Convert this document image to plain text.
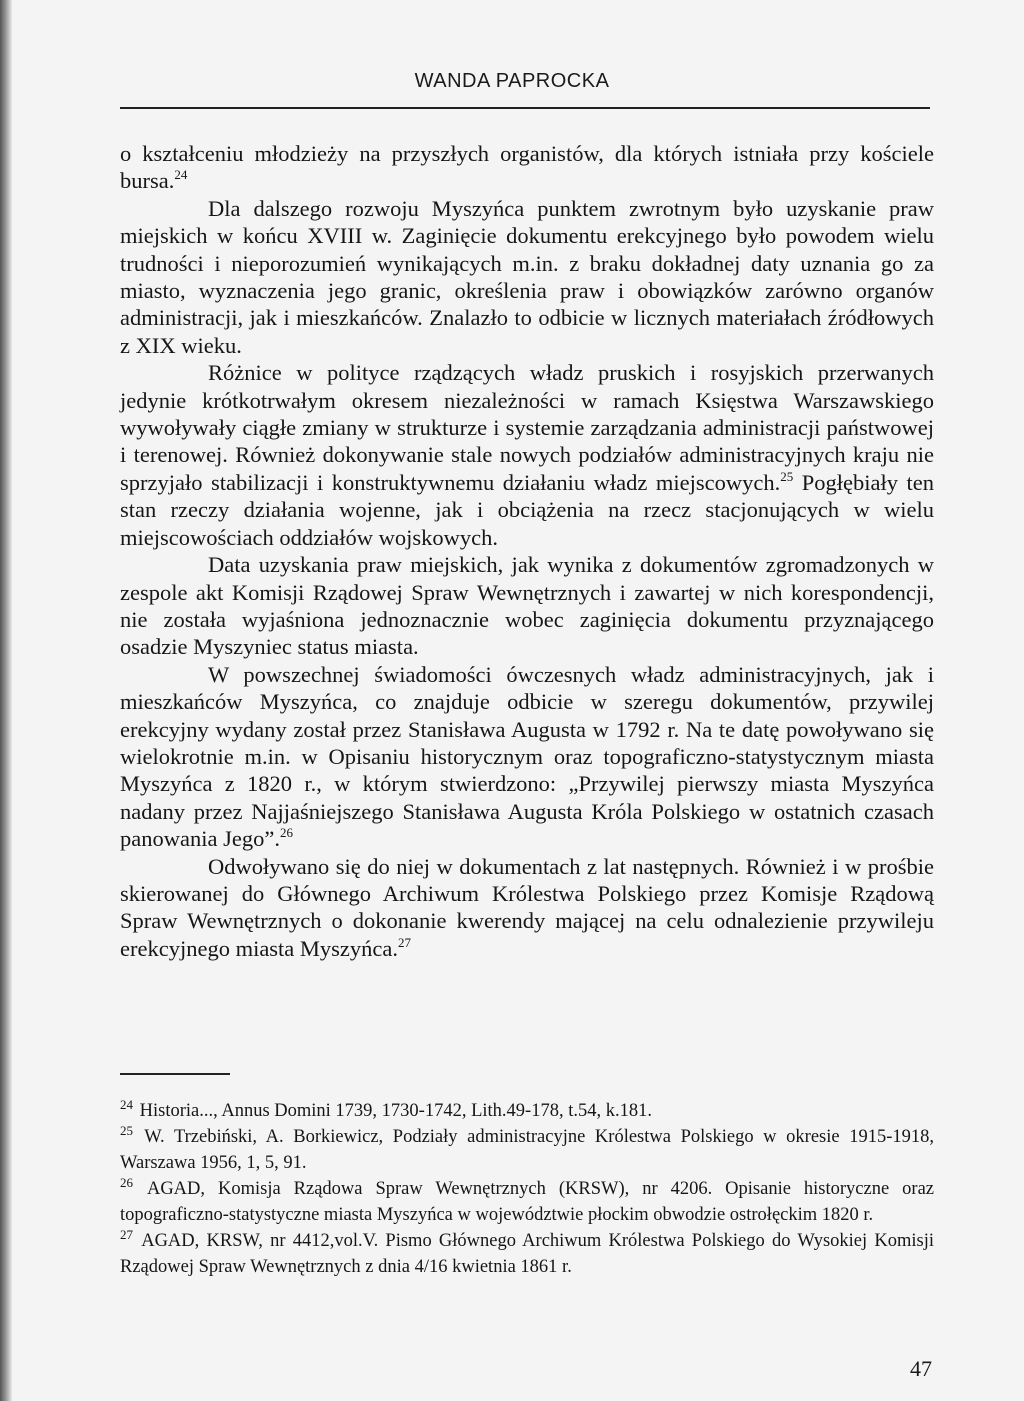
WANDA PAPROCKA

o kształceniu młodzieży na przyszłych organistów, dla których istniała przy kościele bursa.$^{24}$

Dla dalszego rozwoju Myszyńca punktem zwrotnym było uzyskanie praw miejskich w końcu XVIII w. Zaginięcie dokumentu erekcyjnego było powodem wielu trudności i nieporozumień wynikających m.in. z braku dokładnej daty uznania go za miasto, wyznaczenia jego granic, określenia praw i obowiązków zarówno organów administracji, jak i mieszkańców. Znalazło to odbicie w licznych materiałach źródłowych z XIX wieku.

Różnice w polityce rządzących władz pruskich i rosyjskich przerwanych jedynie krótkotrwałym okresem niezależności w ramach Księstwa Warszawskiego wywoływały ciągłe zmiany w strukturze i systemie zarządzania administracji państwowej i terenowej. Również dokonywanie stale nowych podziałów administracyjnych kraju nie sprzyjało stabilizacji i konstruktywnemu działaniu władz miejscowych.$^{25}$ Pogłębiały ten stan rzeczy działania wojenne, jak i obciążenia na rzecz stacjonujących w wielu miejscowościach oddziałów wojskowych.

Data uzyskania praw miejskich, jak wynika z dokumentów zgromadzonych w zespole akt Komisji Rządowej Spraw Wewnętrznych i zawartej w nich korespondencji, nie została wyjaśniona jednoznacznie wobec zaginięcia dokumentu przyznającego osadzie Myszyniec status miasta.

W powszechnej świadomości ówczesnych władz administracyjnych, jak i mieszkańców Myszyńca, co znajduje odbicie w szeregu dokumentów, przywilej erekcyjny wydany został przez Stanisława Augusta w 1792 r. Na te datę powoływano się wielokrotnie m.in. w Opisaniu historycznym oraz topograficzno-statystycznym miasta Myszyńca z 1820 r., w którym stwierdzono: „Przywilej pierwszy miasta Myszyńca nadany przez Najjaśniejszego Stanisława Augusta Króla Polskiego w ostatnich czasach panowania Jego”.$^{26}$

Odwoływano się do niej w dokumentach z lat następnych. Również i w prośbie skierowanej do Głównego Archiwum Królestwa Polskiego przez Komisje Rządową Spraw Wewnętrznych o dokonanie kwerendy mającej na celu odnalezienie przywileju erekcyjnego miasta Myszyńca.$^{27}$

$^{24}$ Historia..., Annus Domini 1739, 1730-1742, Lith.49-178, t.54, k.181.

$^{25}$ W. Trzebiński, A. Borkiewicz, Podziały administracyjne Królestwa Polskiego w okresie 1915-1918, Warszawa 1956, 1, 5, 91.

$^{26}$ AGAD, Komisja Rządowa Spraw Wewnętrznych (KRSW), nr 4206. Opisanie historyczne oraz topograficzno-statystyczne miasta Myszyńca w województwie płockim obwodzie ostrołęckim 1820 r.

$^{27}$ AGAD, KRSW, nr 4412,vol.V. Pismo Głównego Archiwum Królestwa Polskiego do Wysokiej Komisji Rządowej Spraw Wewnętrznych z dnia 4/16 kwietnia 1861 r.

47
